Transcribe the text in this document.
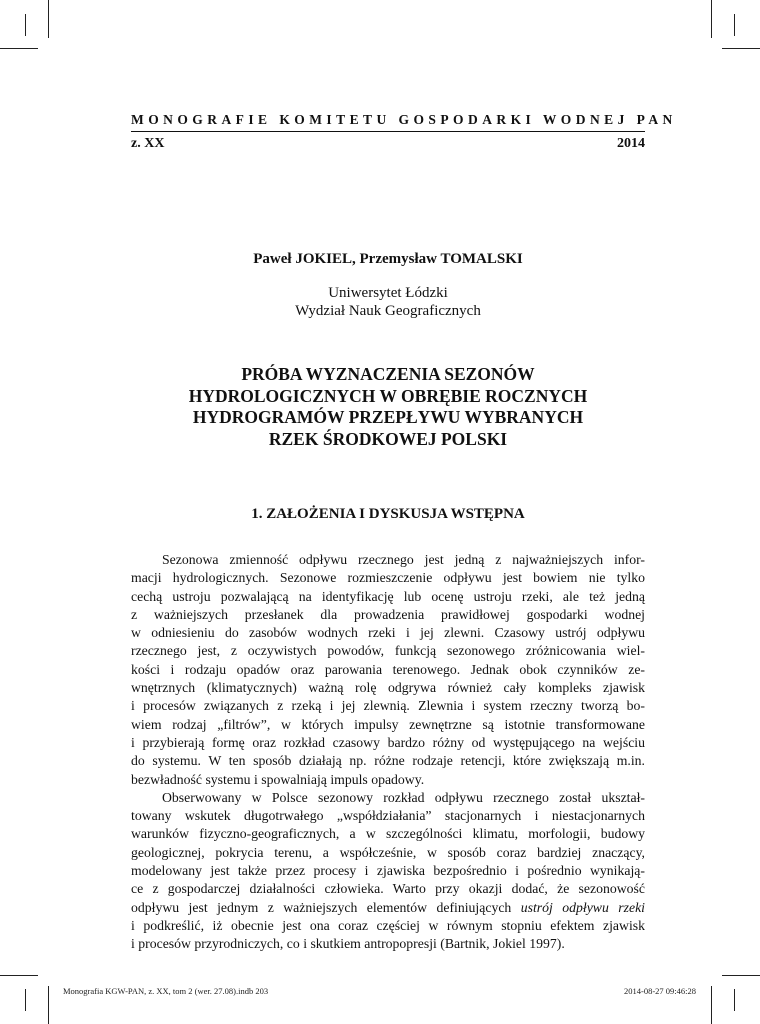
MONOGRAFIE KOMITETU GOSPODARKI WODNEJ PAN
z. XX	2014
Paweł JOKIEL, Przemysław TOMALSKI
Uniwersytet Łódzki
Wydział Nauk Geograficznych
PRÓBA WYZNACZENIA SEZONÓW
HYDROLOGICZNYCH W OBRĘBIE ROCZNYCH
HYDROGRAMÓW PRZEPŁYWU WYBRANYCH
RZEK ŚRODKOWEJ POLSKI
1. ZAŁOŻENIA I DYSKUSJA WSTĘPNA
Sezonowa zmienność odpływu rzecznego jest jedną z najważniejszych infor-
macji hydrologicznych. Sezonowe rozmieszczenie odpływu jest bowiem nie tylko
cechą ustroju pozwalającą na identyfikację lub ocenę ustroju rzeki, ale też jedną
z ważniejszych przesłanek dla prowadzenia prawidłowej gospodarki wodnej
w odniesieniu do zasobów wodnych rzeki i jej zlewni. Czasowy ustrój odpływu
rzecznego jest, z oczywistych powodów, funkcją sezonowego zróżnicowania wiel-
kości i rodzaju opadów oraz parowania terenowego. Jednak obok czynników ze-
wnętrznych (klimatycznych) ważną rolę odgrywa również cały kompleks zjawisk
i procesów związanych z rzeką i jej zlewnią. Zlewnia i system rzeczny tworzą bo-
wiem rodzaj „filtrów”, w których impulsy zewnętrzne są istotnie transformowane
i przybierają formę oraz rozkład czasowy bardzo różny od występującego na wejściu
do systemu. W ten sposób działają np. różne rodzaje retencji, które zwiększają m.in.
bezwładność systemu i spowalniają impuls opadowy.
Obserwowany w Polsce sezonowy rozkład odpływu rzecznego został ukształ-
towany wskutek długotrwałego „współdziałania” stacjonarnych i niestacjonarnych
warunków fizyczno-geograficznych, a w szczególności klimatu, morfologii, budowy
geologicznej, pokrycia terenu, a współcześnie, w sposób coraz bardziej znaczący,
modelowany jest także przez procesy i zjawiska bezpośrednio i pośrednio wynikają-
ce z gospodarczej działalności człowieka. Warto przy okazji dodać, że sezonowość
odpływu jest jednym z ważniejszych elementów definiujących ustrój odpływu rzeki
i podkreślić, iż obecnie jest ona coraz częściej w równym stopniu efektem zjawisk
i procesów przyrodniczych, co i skutkiem antropopresji (Bartnik, Jokiel 1997).
Monografia KGW-PAN, z. XX, tom 2 (wer. 27.08).indb 203	2014-08-27 09:46:28
